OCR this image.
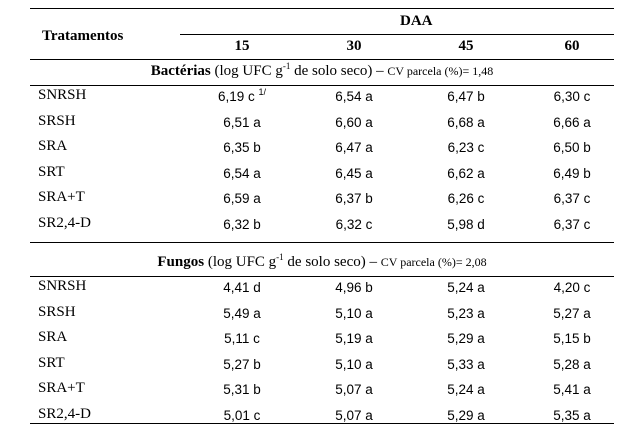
Tratamentos
DAA
15	30	45	60
Bactérias (log UFC $g^{-1}$ de solo seco) – CV parcela (%)= 1,48
SNRSH	6,19 c $^{1/}$	6,54 a	6,47 b	6,30 c
SRSH	6,51 a	6,60 a	6,68 a	6,66 a
SRA	6,35 b	6,47 a	6,23 c	6,50 b
SRT	6,54 a	6,45 a	6,62 a	6,49 b
SRA+T	6,59 a	6,37 b	6,26 c	6,37 c
SR2,4-D	6,32 b	6,32 c	5,98 d	6,37 c
Fungos (log UFC $g^{-1}$ de solo seco) – CV parcela (%)= 2,08
SNRSH	4,41 d	4,96 b	5,24 a	4,20 c
SRSH	5,49 a	5,10 a	5,23 a	5,27 a
SRA	5,11 c	5,19 a	5,29 a	5,15 b
SRT	5,27 b	5,10 a	5,33 a	5,28 a
SRA+T	5,31 b	5,07 a	5,24 a	5,41 a
SR2,4-D	5,01 c	5,07 a	5,29 a	5,35 a
